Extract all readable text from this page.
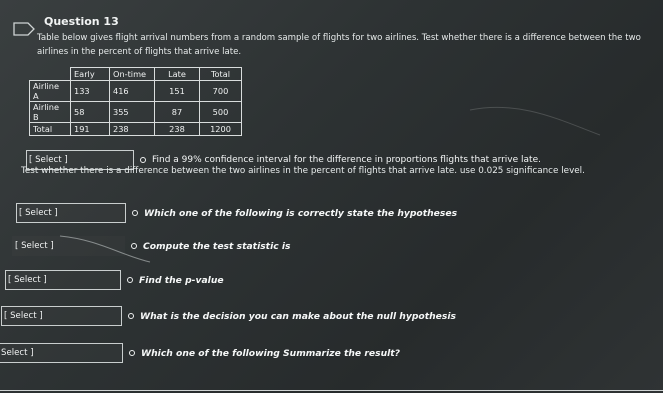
Question 13
Table below gives flight arrival numbers from a random sample of flights for two airlines. Test whether there is a difference between the two airlines in the percent of flights that arrive late.
	Early	On-time	Late	Total
Airline A	133	416	151	700
Airline B	58	355	87	500
Total	191	238	238	1200
[ Select ]	Find a 99% confidence interval for the difference in proportions flights that arrive late.
Test whether there is a difference between the two airlines in the percent of flights that arrive late. use 0.025 significance level.
[ Select ]	Which one of the following is correctly state the hypotheses
[ Select ]	Compute the test statistic is
[ Select ]	Find the p-value
[ Select ]	What is the decision you can make about the null hypothesis
Select ]	Which one of the following Summarize the result?
